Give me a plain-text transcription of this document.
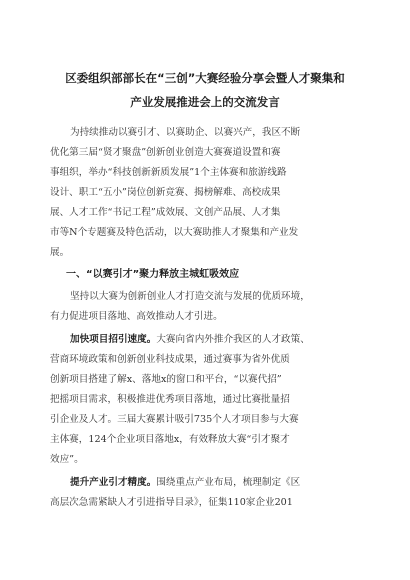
区委组织部部长在“三创”大赛经验分享会暨人才聚集和
产业发展推进会上的交流发言
为持续推动以赛引才、以赛助企、以赛兴产，我区不断
优化第三届“贤才聚盘”创新创业创造大赛赛道设置和赛
事组织，举办“科技创新新质发展”1个主体赛和旅游线路
设计、职工“五小”岗位创新竞赛、揭榜解难、高校成果
展、人才工作“书记工程”成效展、文创产品展、人才集
市等N个专题赛及特色活动，以大赛助推人才聚集和产业发
展。
一、“以赛引才”聚力释放主城虹吸效应
坚持以大赛为创新创业人才打造交流与发展的优质环境，
有力促进项目落地、高效推动人才引进。
加快项目招引速度。大赛向省内外推介我区的人才政策、
营商环境政策和创新创业科技成果，通过赛事为省外优质
创新项目搭建了解x、落地x的窗口和平台，“以赛代招”
把摇项目需求，积极推进优秀项目落地，通过比赛批量招
引企业及人才。三届大赛累计吸引735个人才项目参与大赛
主体赛，124个企业项目落地x，有效释放大赛“引才聚才
效应”。
提升产业引才精度。围绕重点产业布局，梳理制定《区
高层次急需紧缺人才引进指导目录》，征集110家企业201
